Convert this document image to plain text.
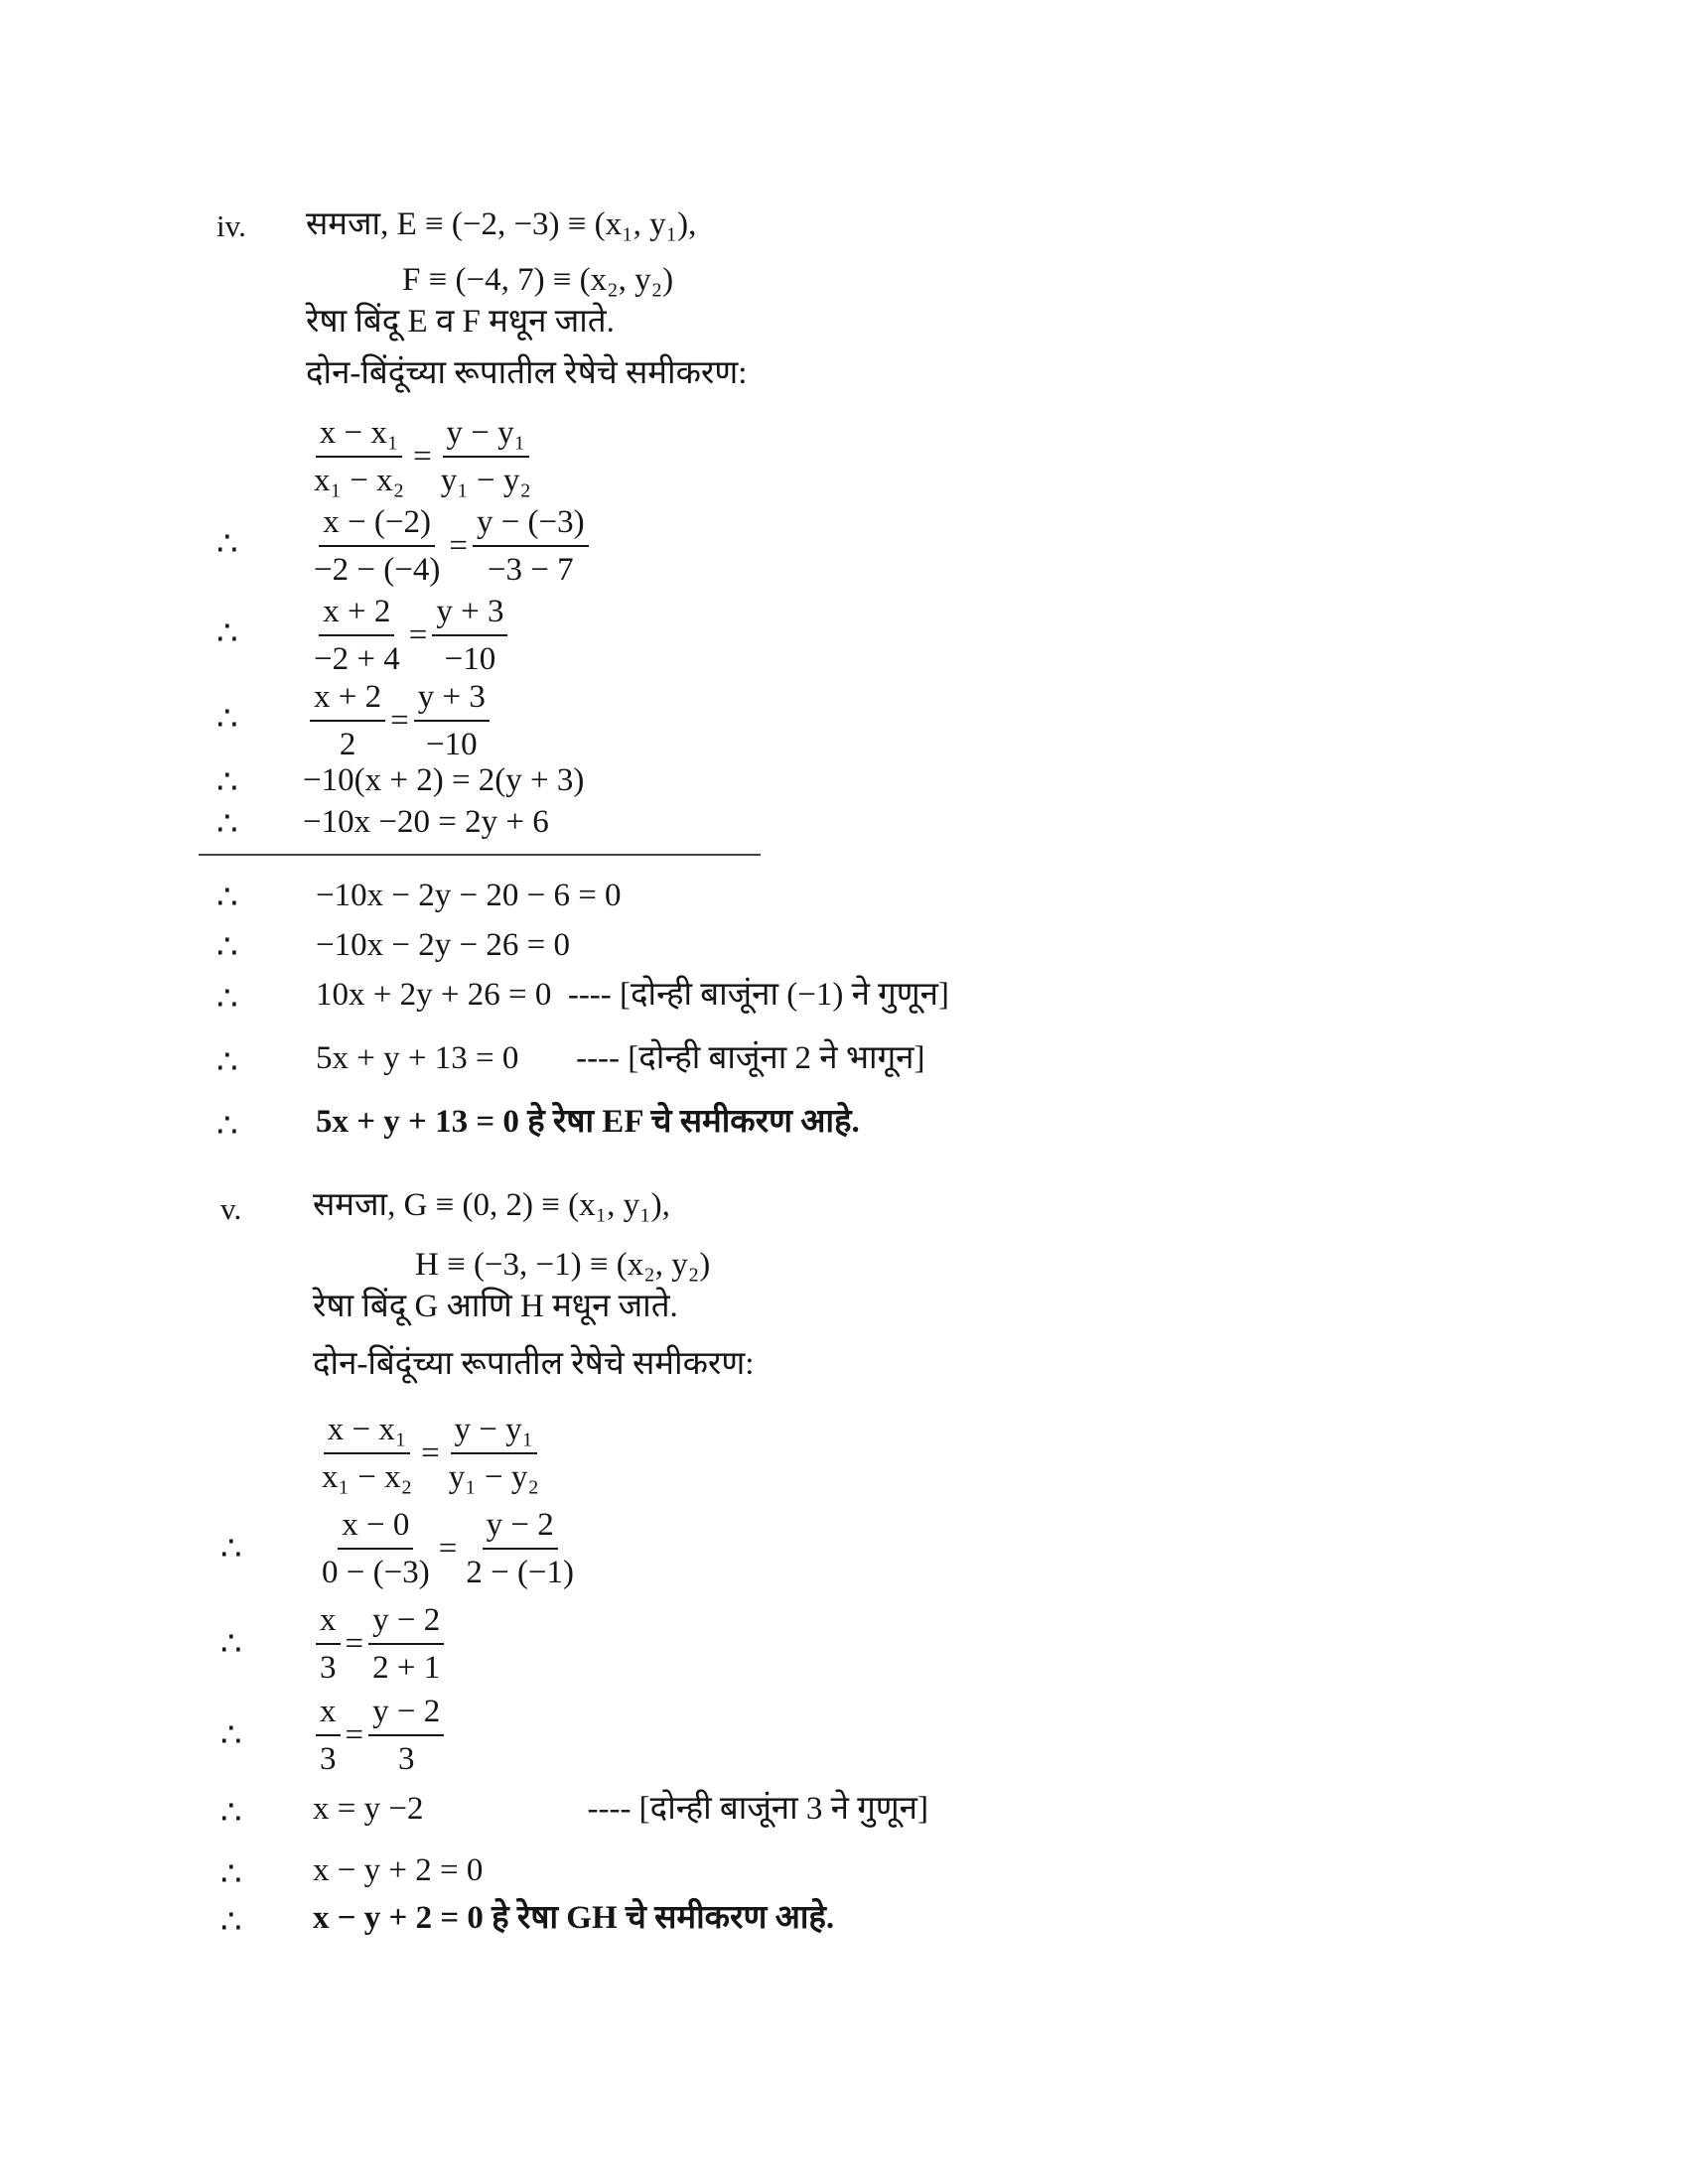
iv. समजा, E ≡ (−2, −3) ≡ (x₁, y₁),
F ≡ (−4, 7) ≡ (x₂, y₂)
रेषा बिंदू E व F मधून जाते.
दोन-बिंदूंच्या रूपातील रेषेचे समीकरण:
$\frac{\text{x − x₁}}{\text{x₁ − x₂}} = \frac{\text{y − y₁}}{\text{y₁ − y₂}}$
∴ $\frac{x - (-2)}{-2 - (-4)} = \frac{y - (-3)}{-3 - 7}$
∴ $\frac{x + 2}{-2 + 4} = \frac{y + 3}{-10}$
∴ $\frac{x + 2}{2} = \frac{y + 3}{-10}$
∴ −10(x + 2) = 2(y + 3)
∴ −10x −20 = 2y + 6
∴ −10x − 2y − 20 − 6 = 0
∴ −10x − 2y − 26 = 0
∴ 10x + 2y + 26 = 0  ---- [दोन्ही बाजूंना (−1) ने गुणून]
∴ 5x + y + 13 = 0       ---- [दोन्ही बाजूंना 2 ने भागून]
∴ 5x + y + 13 = 0 हे रेषा EF चे समीकरण आहे.
v. समजा, G ≡ (0, 2) ≡ (x₁, y₁),
H ≡ (−3, −1) ≡ (x₂, y₂)
रेषा बिंदू G आणि H मधून जाते.
दोन-बिंदूंच्या रूपातील रेषेचे समीकरण:
$\frac{\text{x − x₁}}{\text{x₁ − x₂}} = \frac{\text{y − y₁}}{\text{y₁ − y₂}}$
∴ $\frac{x - 0}{0 - (-3)} = \frac{y - 2}{2 - (-1)}$
∴ $\frac{x}{3} = \frac{y - 2}{2 + 1}$
∴ $\frac{x}{3} = \frac{y - 2}{3}$
∴ x = y −2                    ---- [दोन्ही बाजूंना 3 ने गुणून]
∴ x − y + 2 = 0
∴ x − y + 2 = 0 हे रेषा GH चे समीकरण आहे.
